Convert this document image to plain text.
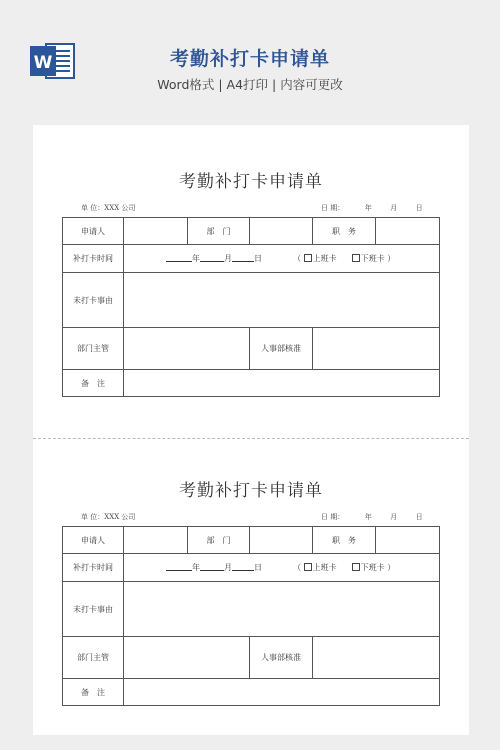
W	考勤补打卡申请单
Word格式 | A4打印 | 内容可更改
考勤补打卡申请单
单 位：XXX 公司	日 期：	年	月	日
申请人		部　门		职　务	
补打卡时间	年 月 日 （ 上班卡 下班卡 ）				
未打卡事由					
部门主管			人事部核准		
备　注					
考勤补打卡申请单
单 位：XXX 公司	日 期：	年	月	日
申请人		部　门		职　务	
补打卡时间	年 月 日 （ 上班卡 下班卡 ）				
未打卡事由					
部门主管			人事部核准		
备　注					
